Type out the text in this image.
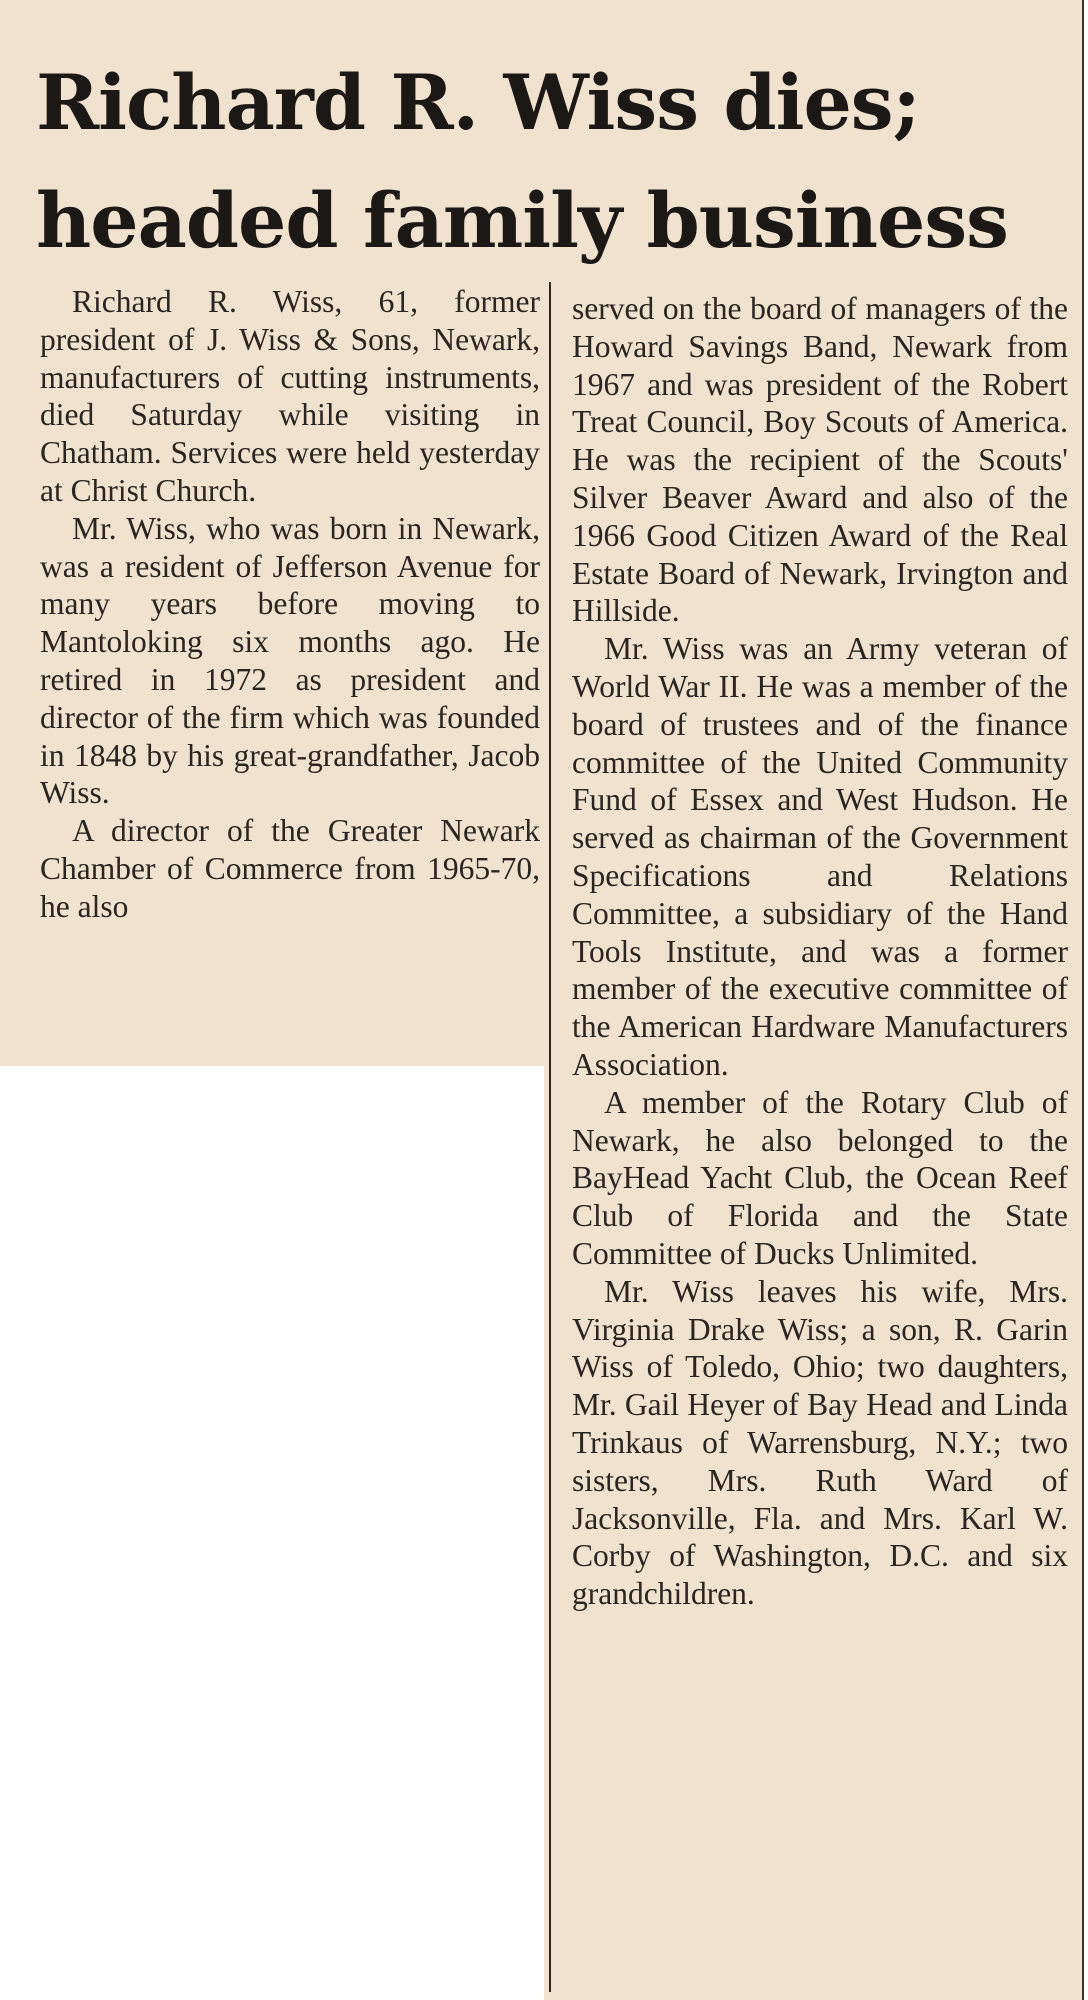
Richard R. Wiss dies;
headed family business

Richard R. Wiss, 61, former president of J. Wiss & Sons, Newark, manufacturers of cutting instruments, died Saturday while visiting in Chatham. Services were held yesterday at Christ Church.

Mr. Wiss, who was born in Newark, was a resident of Jefferson Avenue for many years before moving to Mantoloking six months ago. He retired in 1972 as president and director of the firm which was founded in 1848 by his great-grandfather, Jacob Wiss.

A director of the Greater Newark Chamber of Commerce from 1965-70, he also

served on the board of managers of the Howard Savings Band, Newark from 1967 and was president of the Robert Treat Council, Boy Scouts of America. He was the recipient of the Scouts' Silver Beaver Award and also of the 1966 Good Citizen Award of the Real Estate Board of Newark, Irvington and Hillside.

Mr. Wiss was an Army veteran of World War II. He was a member of the board of trustees and of the finance committee of the United Community Fund of Essex and West Hudson. He served as chairman of the Government Specifications and Relations Committee, a subsidiary of the Hand Tools Institute, and was a former member of the executive committee of the American Hardware Manufacturers Association.

A member of the Rotary Club of Newark, he also belonged to the BayHead Yacht Club, the Ocean Reef Club of Florida and the State Committee of Ducks Unlimited.

Mr. Wiss leaves his wife, Mrs. Virginia Drake Wiss; a son, R. Garin Wiss of Toledo, Ohio; two daughters, Mr. Gail Heyer of Bay Head and Linda Trinkaus of Warrensburg, N.Y.; two sisters, Mrs. Ruth Ward of Jacksonville, Fla. and Mrs. Karl W. Corby of Washington, D.C. and six grandchildren.
